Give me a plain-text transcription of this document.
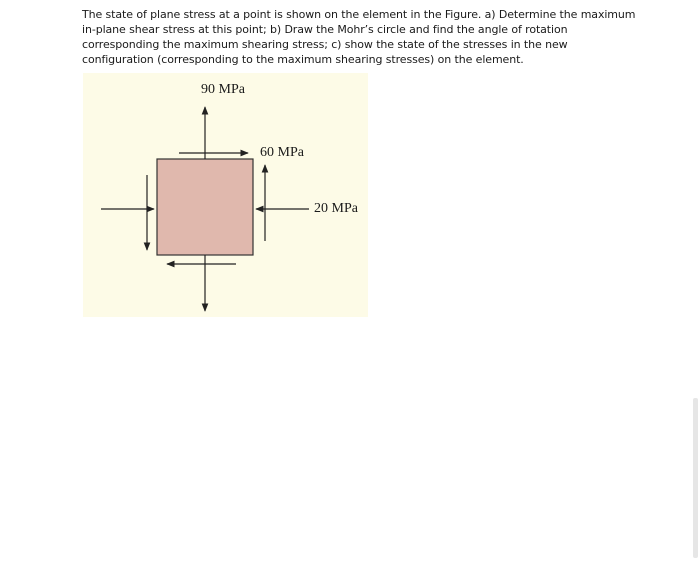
The state of plane stress at a point is shown on the element in the Figure. a) Determine the maximum in-plane shear stress at this point; b) Draw the Mohr’s circle and find the angle of rotation corresponding the maximum shearing stress; c) show the state of the stresses in the new configuration (corresponding to the maximum shearing stresses) on the element.

90 MPa
60 MPa
20 MPa
